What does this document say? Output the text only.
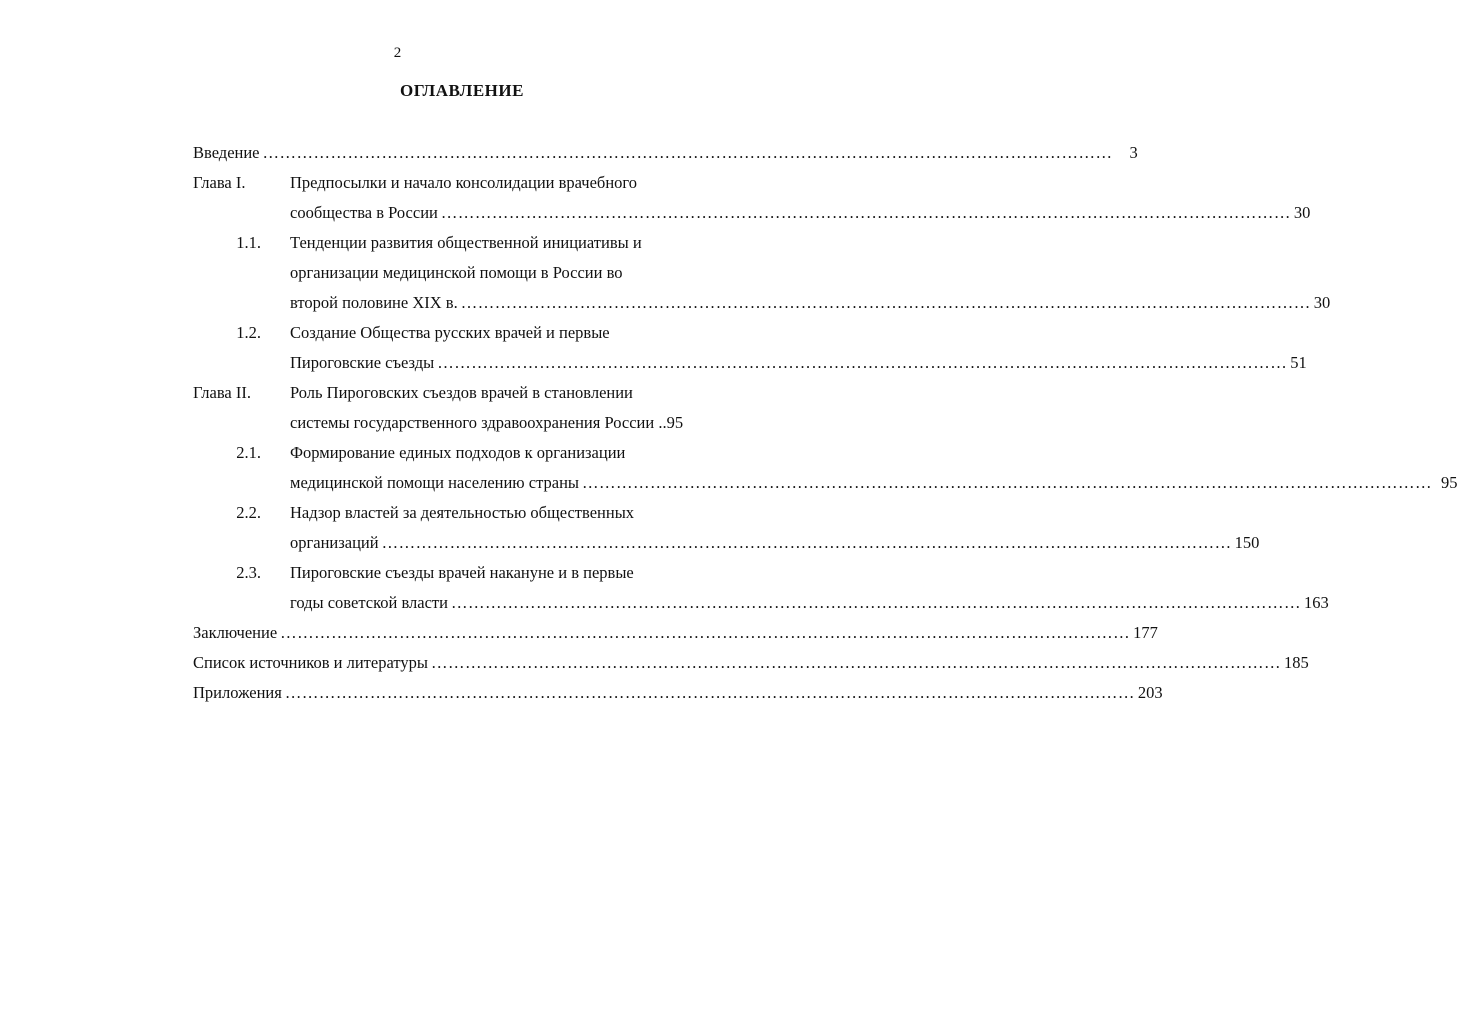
2
ОГЛАВЛЕНИЕ
Введение …………………………………………………………………………………………………………………………………… 3
Глава I.	Предпосылки и начало консолидации врачебного
сообщества в России …………………………………………………………………………………………………………………………………… 30
1.1. Тенденции развития общественной инициативы и
организации медицинской помощи в России во
второй половине XIX в. …………………………………………………………………………………………………………………………………… 30
1.2. Создание Общества русских врачей и первые
Пироговские съезды …………………………………………………………………………………………………………………………………… 51
Глава II. Роль Пироговских съездов врачей в становлении
системы государственного здравоохранения России .. 95
2.1. Формирование единых подходов к организации
медицинской помощи населению страны …………………………………………………………………………………………………………………………………… 95
2.2. Надзор властей за деятельностью общественных
организаций …………………………………………………………………………………………………………………………………… 150
2.3. Пироговские съезды врачей накануне и в первые
годы советской власти …………………………………………………………………………………………………………………………………… 163
Заключение …………………………………………………………………………………………………………………………………… 177
Список источников и литературы …………………………………………………………………………………………………………………………………… 185
Приложения …………………………………………………………………………………………………………………………………… 203
